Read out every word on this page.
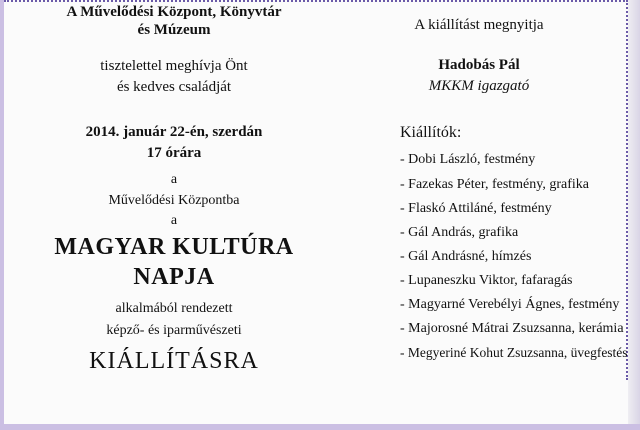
A Művelődési Központ, Könyvtár
és Múzeum
tisztelettel meghívja Önt
és kedves családját
2014. január 22-én, szerdán
17 órára
a
Művelődési Központba
a
MAGYAR KULTÚRA
NAPJA
alkalmából rendezett
képző- és iparművészeti
KIÁLLÍTÁSRA
A kiállítást megnyitja
Hadobás Pál
MKKM igazgató
Kiállítók:
- Dobi László, festmény
- Fazekas Péter, festmény, grafika
- Flaskó Attiláné, festmény
- Gál András, grafika
- Gál Andrásné, hímzés
- Lupaneszku Viktor, fafaragás
- Magyarné Verebélyi Ágnes, festmény
- Majorosné Mátrai Zsuzsanna, kerámia
- Megyeriné Kohut Zsuzsanna, üvegfestés
